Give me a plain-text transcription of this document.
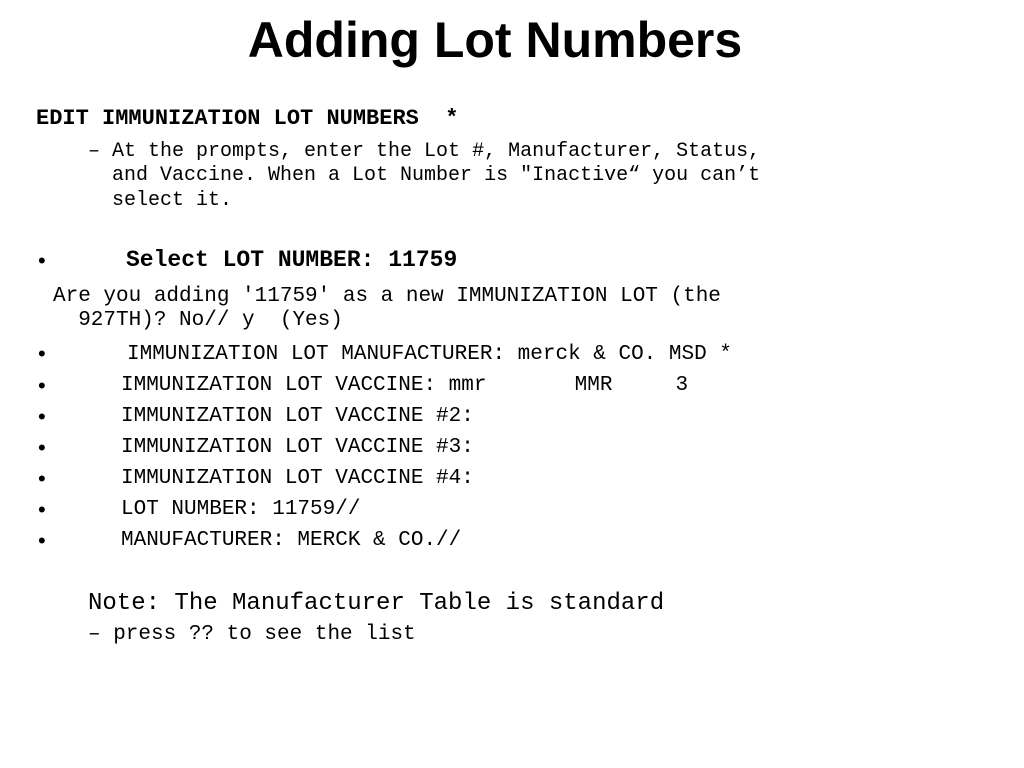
Adding Lot Numbers
EDIT IMMUNIZATION LOT NUMBERS  *
– At the prompts, enter the Lot #, Manufacturer, Status,
and Vaccine. When a Lot Number is "Inactive“ you can’t
select it.
•	Select LOT NUMBER: 11759
Are you adding '11759' as a new IMMUNIZATION LOT (the
927TH)? No// y  (Yes)
•	IMMUNIZATION LOT MANUFACTURER: merck & CO. MSD *
•	IMMUNIZATION LOT VACCINE: mmr       MMR     3
•	IMMUNIZATION LOT VACCINE #2:
•	IMMUNIZATION LOT VACCINE #3:
•	IMMUNIZATION LOT VACCINE #4:
•	LOT NUMBER: 11759//
•	MANUFACTURER: MERCK & CO.//
Note: The Manufacturer Table is standard
– press ?? to see the list
